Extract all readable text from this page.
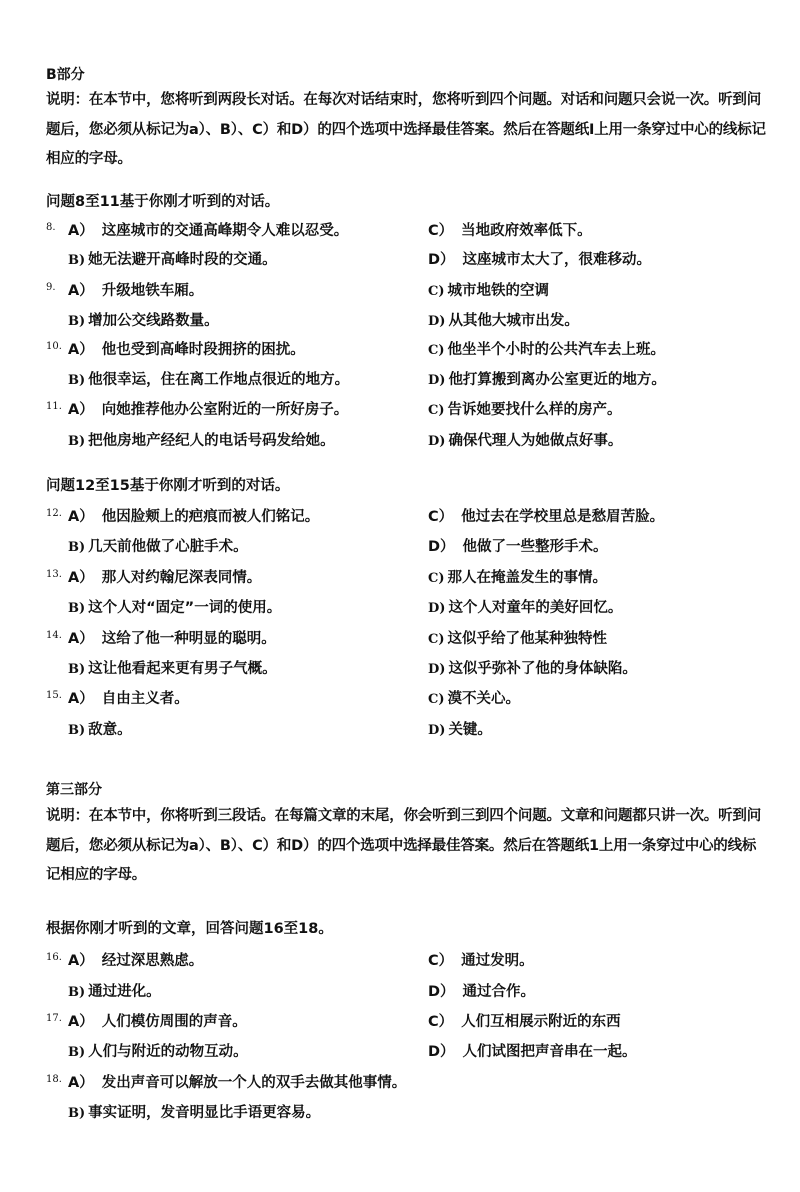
B部分
说明：在本节中，您将听到两段长对话。在每次对话结束时，您将听到四个问题。对话和问题只会说一次。听到问题后，您必须从标记为a）、B）、C）和D）的四个选项中选择最佳答案。然后在答题纸I上用一条穿过中心的线标记相应的字母。
问题8至11基于你刚才听到的对话。
8. A） 这座城市的交通高峰期令人难以忍受。	C） 当地政府效率低下。
B) 她无法避开高峰时段的交通。	D） 这座城市太大了，很难移动。
9. A） 升级地铁车厢。	C) 城市地铁的空调
B) 增加公交线路数量。	D) 从其他大城市出发。
10. A） 他也受到高峰时段拥挤的困扰。	C) 他坐半个小时的公共汽车去上班。
B) 他很幸运，住在离工作地点很近的地方。	D) 他打算搬到离办公室更近的地方。
11. A） 向她推荐他办公室附近的一所好房子。	C) 告诉她要找什么样的房产。
B) 把他房地产经纪人的电话号码发给她。	D) 确保代理人为她做点好事。
问题12至15基于你刚才听到的对话。
12. A） 他因脸颊上的疤痕而被人们铭记。	C） 他过去在学校里总是愁眉苦脸。
B) 几天前他做了心脏手术。	D） 他做了一些整形手术。
13. A） 那人对约翰尼深表同情。	C) 那人在掩盖发生的事情。
B) 这个人对“固定”一词的使用。	D) 这个人对童年的美好回忆。
14. A） 这给了他一种明显的聪明。	C) 这似乎给了他某种独特性
B) 这让他看起来更有男子气概。	D) 这似乎弥补了他的身体缺陷。
15. A） 自由主义者。	C) 漠不关心。
B) 敌意。	D) 关键。
第三部分
说明：在本节中，你将听到三段话。在每篇文章的末尾，你会听到三到四个问题。文章和问题都只讲一次。听到问题后，您必须从标记为a）、B）、C）和D）的四个选项中选择最佳答案。然后在答题纸1上用一条穿过中心的线标记相应的字母。
根据你刚才听到的文章，回答问题16至18。
16. A） 经过深思熟虑。	C） 通过发明。
B) 通过进化。	D） 通过合作。
17. A） 人们模仿周围的声音。	C） 人们互相展示附近的东西
B) 人们与附近的动物互动。	D） 人们试图把声音串在一起。
18. A） 发出声音可以解放一个人的双手去做其他事情。
B) 事实证明，发音明显比手语更容易。
